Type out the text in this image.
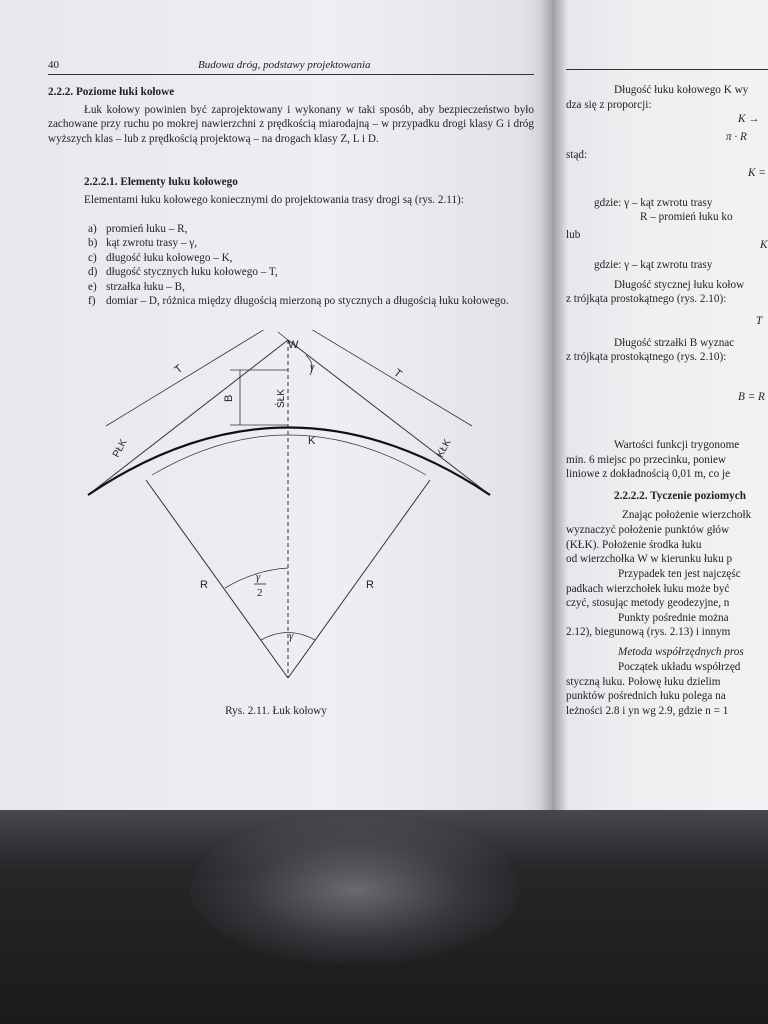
40	Budowa dróg, podstawy projektowania
2.2.2. Poziome łuki kołowe
Łuk kołowy powinien być zaprojektowany i wykonany w taki sposób, aby bezpieczeństwo było zachowane przy ruchu po mokrej nawierzchni z prędkością miarodajną – w przypadku drogi klasy G i dróg wyższych klas – lub z prędkością projektową – na drogach klasy Z, L i D.
2.2.2.1. Elementy łuku kołowego
Elementami łuku kołowego koniecznymi do projektowania trasy drogi są (rys. 2.11):
a) promień łuku – R,
b) kąt zwrotu trasy – γ,
c) długość łuku kołowego – K,
d) długość stycznych łuku kołowego – T,
e) strzałka łuku – B,
f) domiar – D, różnica między długością mierzoną po stycznych a długością łuku kołowego.
W
T	T
B	ŚŁK
K
PŁK	KŁK
R	R
γ
γ
2
γ
Rys. 2.11. Łuk kołowy
Długość łuku kołowego K wy
dza się z proporcji:
K →
π · R
stąd:
K =
gdzie: γ – kąt zwrotu trasy
R – promień łuku ko
lub
K
gdzie: γ – kąt zwrotu trasy
Długość stycznej łuku kołow
z trójkąta prostokątnego (rys. 2.10):
T
Długość strzałki B wyznac
z trójkąta prostokątnego (rys. 2.10):
B = R
Wartości funkcji trygonome
min. 6 miejsc po przecinku, poniew
liniowe z dokładnością 0,01 m, co je
2.2.2.2. Tyczenie poziomych
Znając położenie wierzchołk
wyznaczyć położenie punktów głów
(KŁK). Położenie środka łuku
od wierzchołka W w kierunku łuku p
Przypadek ten jest najczęśc
padkach wierzchołek łuku może być
czyć, stosując metody geodezyjne, n
Punkty pośrednie można
2.12), biegunową (rys. 2.13) i innym
Metoda współrzędnych pros
Początek układu współrzęd
styczną łuku. Połowę łuku dzielim
punktów pośrednich łuku polega na
leżności 2.8 i yn wg 2.9, gdzie n = 1
